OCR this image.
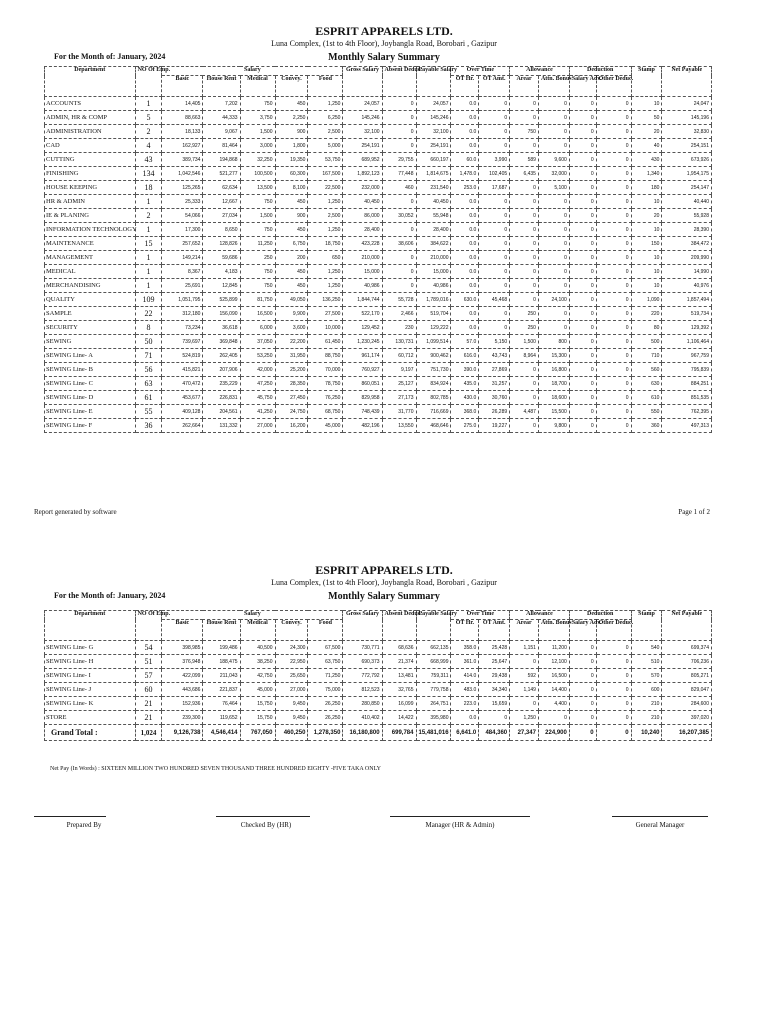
ESPRIT APPARELS LTD.
Luna Complex, (1st to 4th Floor), Joybangla Road, Borobari , Gazipur
Monthly Salary Summary
For the Month of: January, 2024
Department	NO Of Emp.	Salary					Gross Salary	Absent Deduc.	Payable Salary	Over Time		Allowance		Deduction		Stamp	Net Payable
		Basic	House Rent	Medical	Convey.	Food				OT Hr.	OT Amt.	Arear	Attn. Bonus	Salary Adv.	Other Deduc.		
ACCOUNTS	1	14,405	7,202	750	450	1,250	24,057	0	24,057	0.0	0	0	0	0	0	10	24,047
ADMIN, HR & COMP	5	88,663	44,333	3,750	2,250	6,250	145,246	0	145,246	0.0	0	0	0	0	0	50	145,196
ADMINISTRATION	2	18,133	9,067	1,500	900	2,500	32,100	0	32,100	0.0	0	750	0	0	0	20	32,830
CAD	4	162,927	81,464	3,000	1,800	5,000	254,191	0	254,191	0.0	0	0	0	0	0	40	254,151
CUTTING	43	389,734	194,868	32,250	19,350	53,750	689,952	29,755	660,197	60.0	3,990	589	9,600	0	0	430	673,926
FINISHING	134	1,042,546	521,277	100,500	60,300	167,500	1,892,123	77,448	1,814,675	1,478.0	102,405	6,435	32,000	0	0	1,340	1,954,175
HOUSE KEEPING	18	125,265	62,634	13,500	8,100	22,500	232,000	460	231,540	253.0	17,687	0	5,100	0	0	180	254,147
HR & ADMIN	1	25,333	12,667	750	450	1,250	40,450	0	40,450	0.0	0	0	0	0	0	10	40,440
IE & PLANING	2	54,066	27,034	1,500	900	2,500	86,000	30,052	55,948	0.0	0	0	0	0	0	20	55,928
INFORMATION TECHNOLOGY	1	17,300	8,650	750	450	1,250	28,400	0	28,400	0.0	0	0	0	0	0	10	28,390
MAINTENANCE	15	257,652	128,826	11,250	6,750	18,750	423,228	38,606	384,622	0.0	0	0	0	0	0	150	384,472
MANAGEMENT	1	149,214	59,686	250	200	650	210,000	0	210,000	0.0	0	0	0	0	0	10	209,990
MEDICAL	1	8,367	4,183	750	450	1,250	15,000	0	15,000	0.0	0	0	0	0	0	10	14,990
MERCHANDISING	1	25,691	12,845	750	450	1,250	40,986	0	40,986	0.0	0	0	0	0	0	10	40,976
QUALITY	109	1,051,795	525,899	81,750	49,050	136,250	1,844,744	55,728	1,789,016	630.0	45,468	0	24,100	0	0	1,090	1,857,494
SAMPLE	22	312,180	156,090	16,500	9,900	27,500	522,170	2,466	519,704	0.0	0	250	0	0	0	220	519,734
SECURITY	8	73,234	36,618	6,000	3,600	10,000	129,452	230	129,222	0.0	0	250	0	0	0	80	129,392
SEWING	50	739,697	369,848	37,050	22,200	61,450	1,230,245	130,731	1,099,514	57.0	5,150	1,500	800	0	0	500	1,106,464
SEWING Line- A	71	524,819	262,405	53,250	31,950	88,750	961,174	60,712	900,462	616.0	43,743	8,964	15,300	0	0	710	967,759
SEWING Line- B	56	415,821	207,906	42,000	25,200	70,000	760,927	9,197	751,730	390.0	27,869	0	16,800	0	0	560	795,839
SEWING Line- C	63	470,472	235,229	47,250	28,350	78,750	860,051	25,127	834,924	435.0	31,257	0	18,700	0	0	630	884,251
SEWING Line- D	61	453,677	226,831	45,750	27,450	76,250	829,958	27,173	802,785	430.0	30,760	0	18,600	0	0	610	851,535
SEWING Line- E	55	409,128	204,561	41,250	24,750	68,750	748,439	31,770	716,669	368.0	26,289	4,487	15,500	0	0	550	762,395
SEWING Line- F	36	262,664	131,332	27,000	16,200	45,000	482,196	13,550	468,646	275.0	19,227	0	9,800	0	0	360	497,313
Report generated by software	Page 1 of 2
ESPRIT APPARELS LTD.
Luna Complex, (1st to 4th Floor), Joybangla Road, Borobari , Gazipur
Monthly Salary Summary
For the Month of: January, 2024
Department	NO Of Emp.	Salary					Gross Salary	Absent Deduc.	Payable Salary	Over Time		Allowance		Deduction		Stamp	Net Payable
		Basic	House Rent	Medical	Convey.	Food				OT Hr.	OT Amt.	Arear	Attn. Bonus	Salary Adv.	Other Deduc.		
SEWING Line- G	54	398,985	199,486	40,500	24,300	67,500	730,771	68,636	662,135	358.0	25,428	1,151	11,200	0	0	540	699,374
SEWING Line- H	51	376,948	188,475	38,250	22,950	63,750	690,373	21,374	668,999	361.0	25,647	0	12,100	0	0	510	706,236
SEWING Line- I	57	422,099	211,043	42,750	25,650	71,250	772,792	13,481	759,311	414.0	29,438	592	16,500	0	0	570	805,271
SEWING Line- J	60	443,686	221,837	45,000	27,000	75,000	812,523	32,765	779,758	483.0	34,340	1,149	14,400	0	0	600	829,047
SEWING Line- K	21	152,936	76,464	15,750	9,450	26,250	280,850	16,099	264,751	223.0	15,659	0	4,400	0	0	210	284,600
STORE	21	239,300	119,652	15,750	9,450	26,250	410,402	14,422	395,980	0.0	0	1,250	0	0	0	210	397,020
Grand Total :	1,024	9,126,738	4,546,414	767,050	460,250	1,278,350	16,180,800	699,784	15,481,016	6,641.0	484,360	27,347	224,900	0	0	10,240	16,207,385
Net Pay (In Words) : SIXTEEN MILLION TWO HUNDRED SEVEN THOUSAND THREE HUNDRED EIGHTY -FIVE TAKA ONLY
Prepared By	Checked By (HR)	Manager (HR & Admin)	General Manager
